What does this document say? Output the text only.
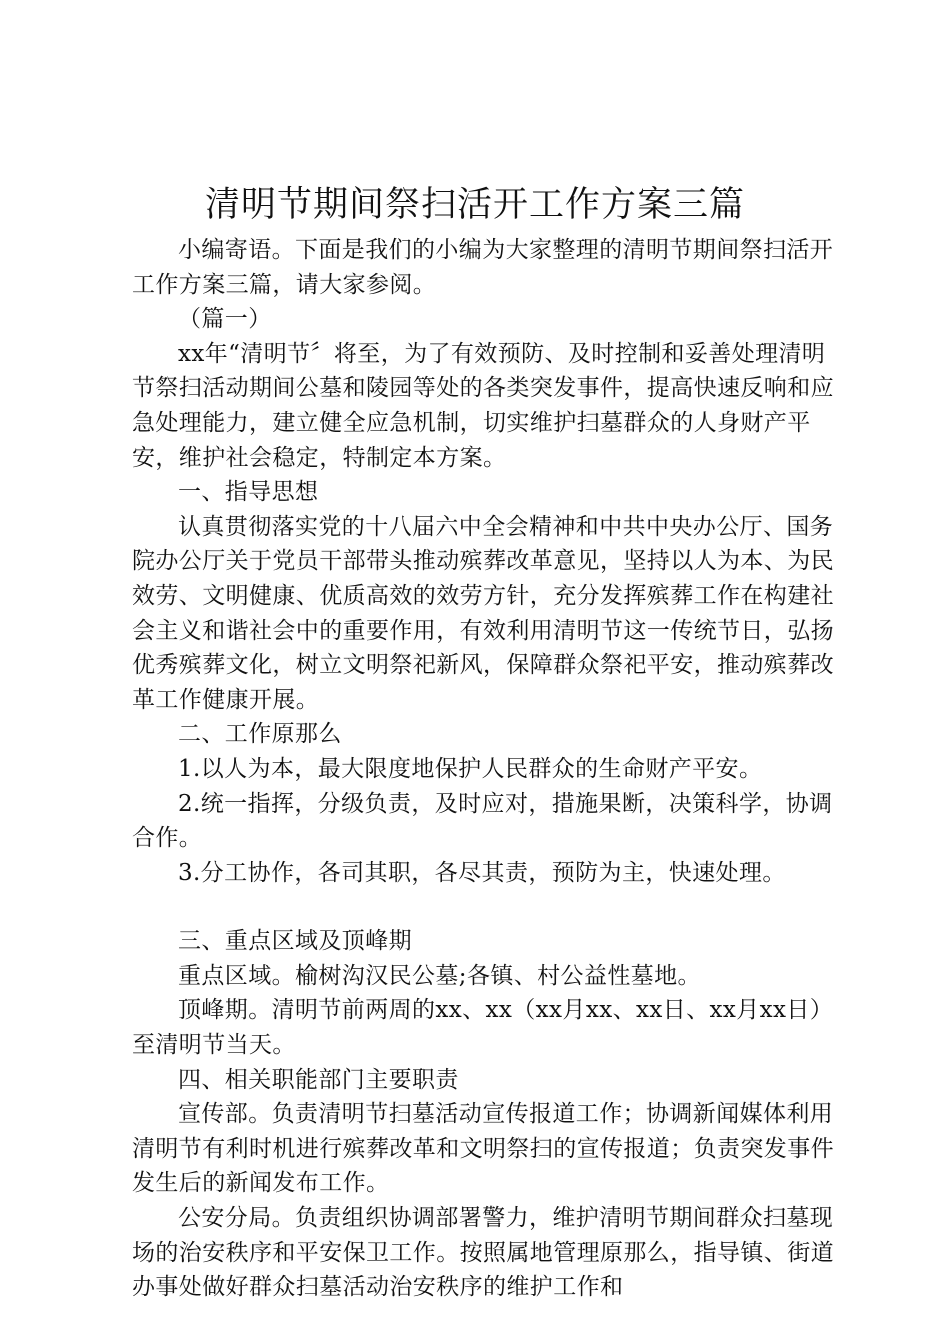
清明节期间祭扫活开工作方案三篇

小编寄语。下面是我们的小编为大家整理的清明节期间祭扫活开工作方案三篇，请大家参阅。

（篇一）

xx年“清明节〞将至，为了有效预防、及时控制和妥善处理清明节祭扫活动期间公墓和陵园等处的各类突发事件，提高快速反响和应急处理能力，建立健全应急机制，切实维护扫墓群众的人身财产平安，维护社会稳定，特制定本方案。

一、指导思想

认真贯彻落实党的十八届六中全会精神和中共中央办公厅、国务院办公厅关于党员干部带头推动殡葬改革意见，坚持以人为本、为民效劳、文明健康、优质高效的效劳方针，充分发挥殡葬工作在构建社会主义和谐社会中的重要作用，有效利用清明节这一传统节日，弘扬优秀殡葬文化，树立文明祭祀新风，保障群众祭祀平安，推动殡葬改革工作健康开展。

二、工作原那么

1.以人为本，最大限度地保护人民群众的生命财产平安。

2.统一指挥，分级负责，及时应对，措施果断，决策科学，协调合作。

3.分工协作，各司其职，各尽其责，预防为主，快速处理。

三、重点区域及顶峰期

重点区域。榆树沟汉民公墓;各镇、村公益性墓地。

顶峰期。清明节前两周的xx、xx（xx月xx、xx日、xx月xx日）至清明节当天。

四、相关职能部门主要职责

宣传部。负责清明节扫墓活动宣传报道工作；协调新闻媒体利用清明节有利时机进行殡葬改革和文明祭扫的宣传报道；负责突发事件发生后的新闻发布工作。

公安分局。负责组织协调部署警力，维护清明节期间群众扫墓现场的治安秩序和平安保卫工作。按照属地管理原那么，指导镇、街道办事处做好群众扫墓活动治安秩序的维护工作和
